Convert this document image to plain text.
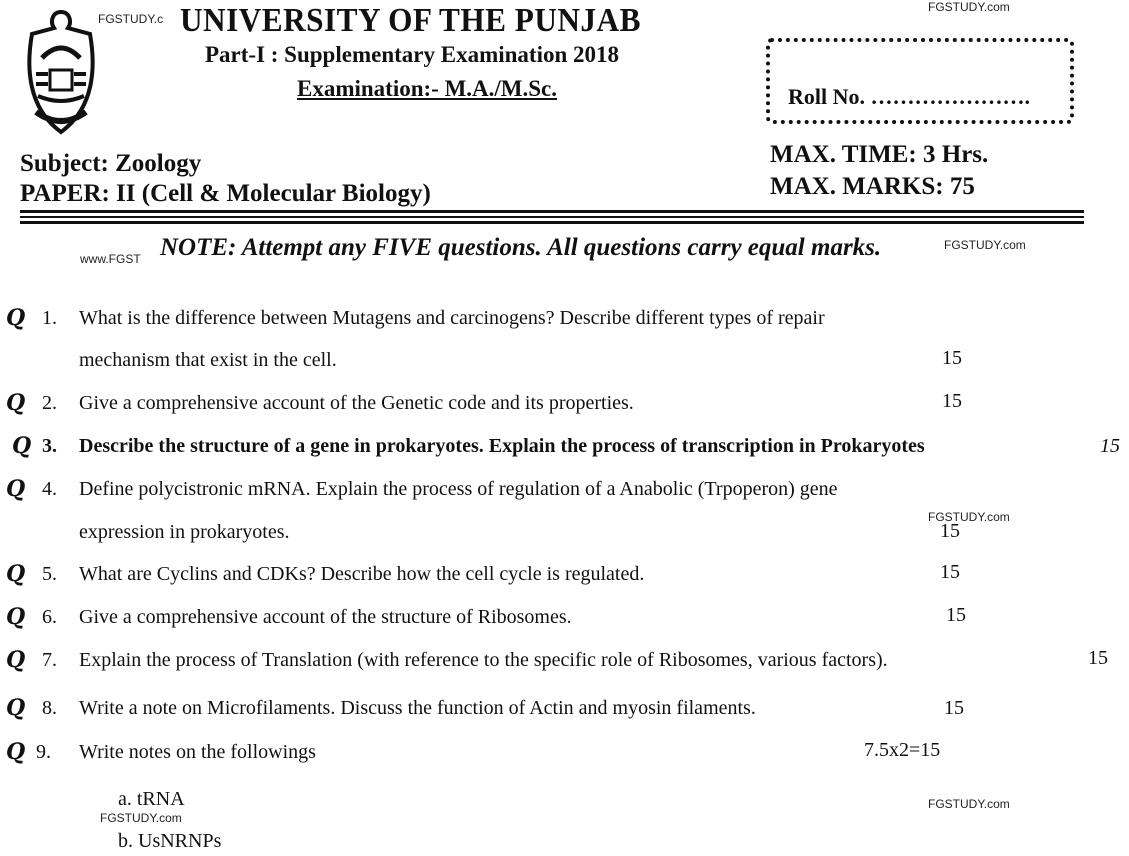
FGSTUDY.c
FGSTUDY.com
UNIVERSITY OF THE PUNJAB
Part-I : Supplementary Examination 2018
Examination:- M.A./M.Sc.	Roll No. ………………….
Subject: Zoology
PAPER: II (Cell & Molecular Biology)
MAX. TIME: 3 Hrs.
MAX. MARKS: 75
www.FGST NOTE: Attempt any FIVE questions. All questions carry equal marks.	FGSTUDY.com
Q 1. What is the difference between Mutagens and carcinogens? Describe different types of repair
mechanism that exist in the cell.	15
Q 2. Give a comprehensive account of the Genetic code and its properties.	15
Q 3. Describe the structure of a gene in prokaryotes. Explain the process of transcription in Prokaryotes	15
Q 4. Define polycistronic mRNA. Explain the process of regulation of a Anabolic (Trpoperon) gene
expression in prokaryotes.	15
FGSTUDY.com
Q 5. What are Cyclins and CDKs? Describe how the cell cycle is regulated.	15
Q 6. Give a comprehensive account of the structure of Ribosomes.	15
Q 7. Explain the process of Translation (with reference to the specific role of Ribosomes, various factors).	15
Q 8. Write a note on Microfilaments. Discuss the function of Actin and myosin filaments.	15
Q 9. Write notes on the followings	7.5x2=15
a. tRNA
FGSTUDY.com
FGSTUDY.com
b. UsNRNPs
